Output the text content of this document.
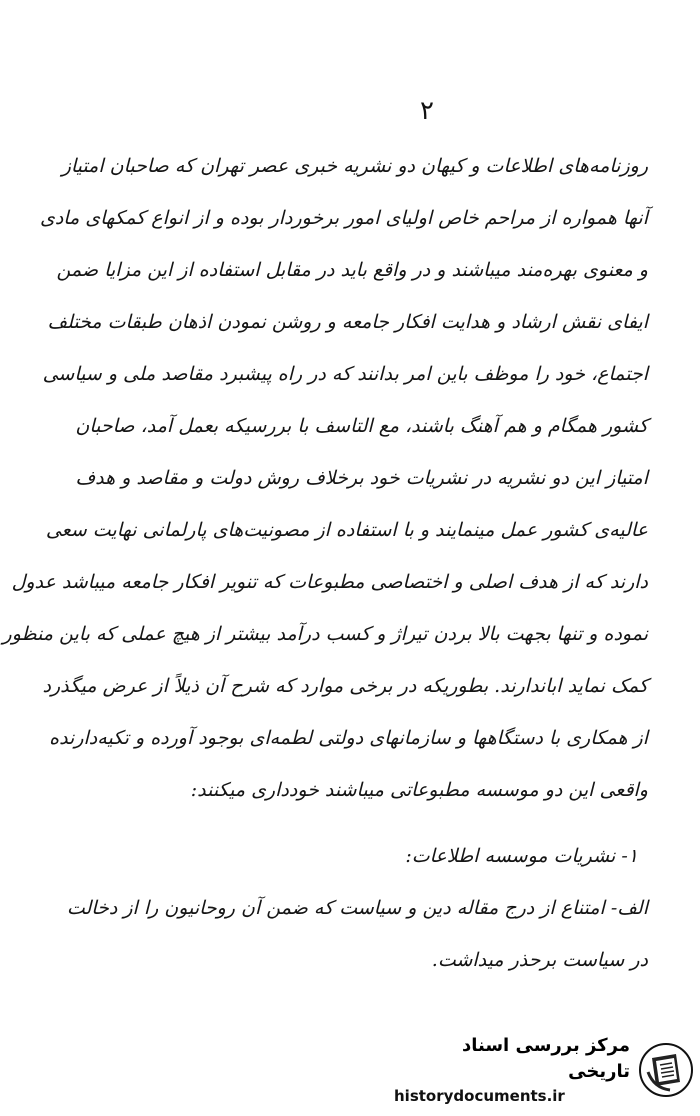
۲
روزنامه‌های اطلاعات و کیهان دو نشریه خبری عصر تهران که صاحبان امتیاز
آنها همواره از مراحم خاص اولیای امور برخوردار بوده و از انواع کمکهای مادی
و معنوی بهره‌مند میباشند و در واقع باید در مقابل استفاده از این مزایا ضمن
ایفای نقش ارشاد و هدایت افکار جامعه و روشن نمودن اذهان طبقات مختلف
اجتماع، خود را موظف باین امر بدانند که در راه پیشبرد مقاصد ملی و سیاسی
کشور همگام و هم آهنگ باشند، مع التاسف با بررسیکه بعمل آمد، صاحبان
امتیاز این دو نشریه در نشریات خود برخلاف روش دولت و مقاصد و هدف
عالیه‌ی کشور عمل مینمایند و با استفاده از مصونیت‌های پارلمانی نهایت سعی
دارند که از هدف اصلی و اختصاصی مطبوعات که تنویر افکار جامعه میباشد عدول
نموده و تنها بجهت بالا بردن تیراژ و کسب درآمد بیشتر از هیچ عملی که باین منظور
کمک نماید اباندارند. بطوریکه در برخی موارد که شرح آن ذیلاً از عرض میگذرد
از همکاری با دستگاهها و سازمانهای دولتی لطمه‌ای بوجود آورده و تکیه‌دارنده
واقعی این دو موسسه مطبوعاتی میباشند خودداری میکنند:
۱- نشریات موسسه اطلاعات:
الف- امتناع از درج مقاله دین و سیاست که ضمن آن روحانیون را از دخالت
در سیاست برحذر میداشت.
مرکز بررسی اسناد تاریخی
historydocuments.ir
